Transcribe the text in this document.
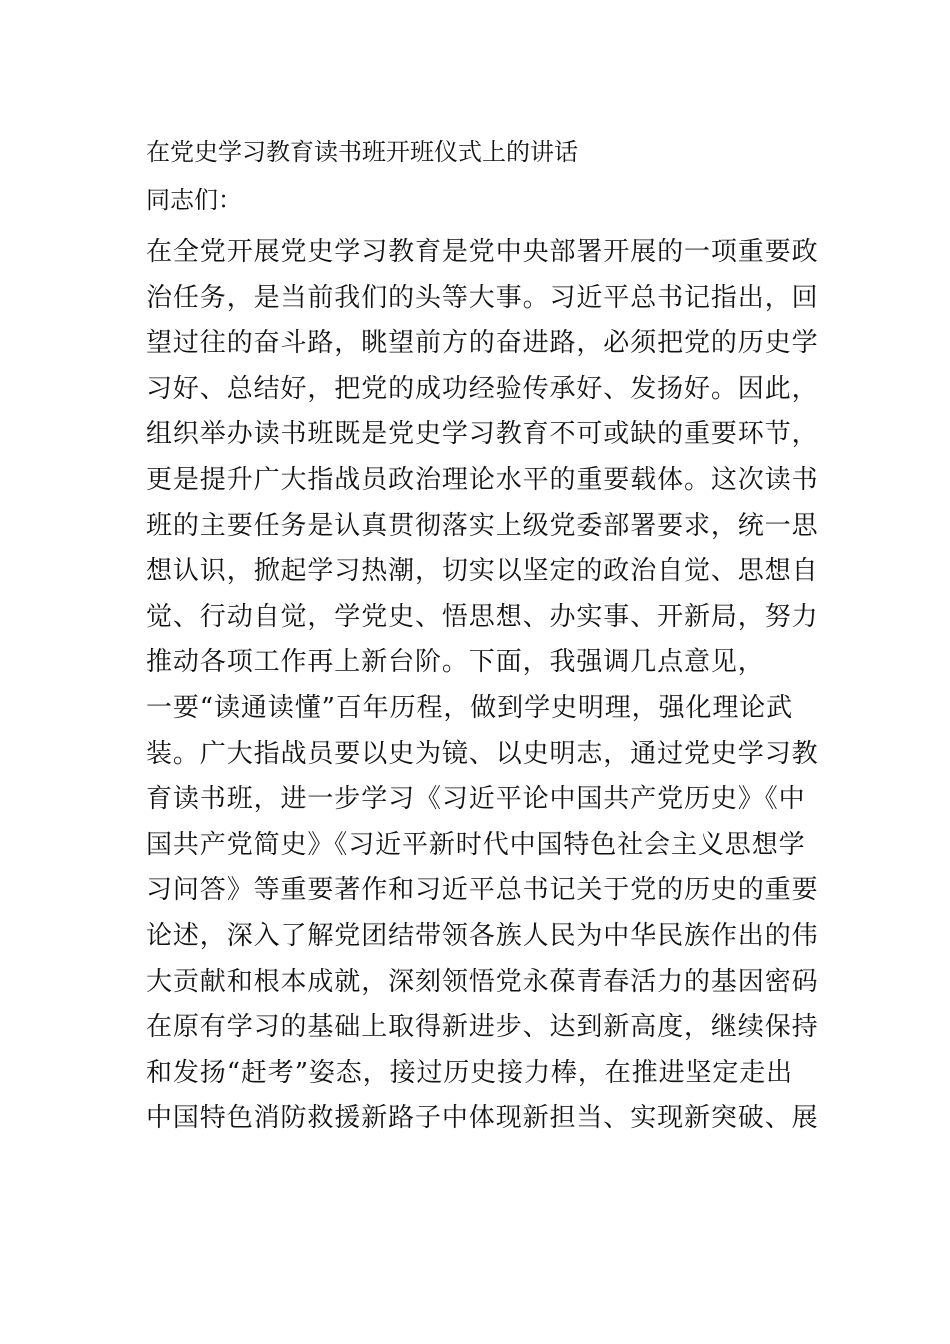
在党史学习教育读书班开班仪式上的讲话
同志们：
在全党开展党史学习教育是党中央部署开展的一项重要政
治任务，是当前我们的头等大事。习近平总书记指出，回
望过往的奋斗路，眺望前方的奋进路，必须把党的历史学
习好、总结好，把党的成功经验传承好、发扬好。因此，
组织举办读书班既是党史学习教育不可或缺的重要环节，
更是提升广大指战员政治理论水平的重要载体。这次读书
班的主要任务是认真贯彻落实上级党委部署要求，统一思
想认识，掀起学习热潮，切实以坚定的政治自觉、思想自
觉、行动自觉，学党史、悟思想、办实事、开新局，努力
推动各项工作再上新台阶。下面，我强调几点意见，
一要“读通读懂”百年历程，做到学史明理，强化理论武
装。广大指战员要以史为镜、以史明志，通过党史学习教
育读书班，进一步学习《习近平论中国共产党历史》《中
国共产党简史》《习近平新时代中国特色社会主义思想学
习问答》等重要著作和习近平总书记关于党的历史的重要
论述，深入了解党团结带领各族人民为中华民族作出的伟
大贡献和根本成就，深刻领悟党永葆青春活力的基因密码
在原有学习的基础上取得新进步、达到新高度，继续保持
和发扬“赶考”姿态，接过历史接力棒，在推进坚定走出
中国特色消防救援新路子中体现新担当、实现新突破、展
